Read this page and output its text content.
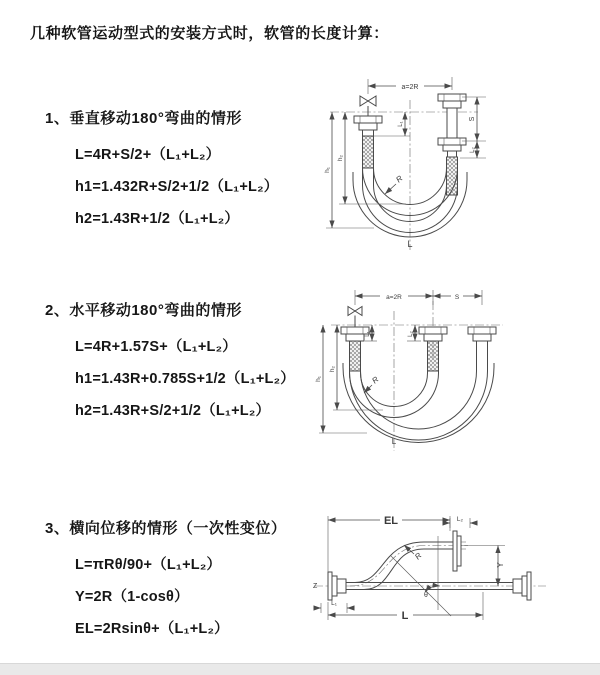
几种软管运动型式的安装方式时，软管的长度计算：
1、垂直移动180°弯曲的情形
L=4R+S/2+（L₁+L₂）
h1=1.432R+S/2+1/2（L₁+L₂）
h2=1.43R+1/2（L₁+L₂）
2、水平移动180°弯曲的情形
L=4R+1.57S+（L₁+L₂）
h1=1.43R+0.785S+1/2（L₁+L₂）
h2=1.43R+S/2+1/2（L₁+L₂）
3、横向位移的情形（一次性变位）
L=πRθ/90+（L₁+L₂）
Y=2R（1-cosθ）
EL=2Rsinθ+（L₁+L₂）
a=2R
h₁
h₂
L₁
S
L₂
R
L
a=2R	S
h₁
h₂
L₁	L₂
R
L
EL	L₂
Y
R
θ
L
L₁
Z
